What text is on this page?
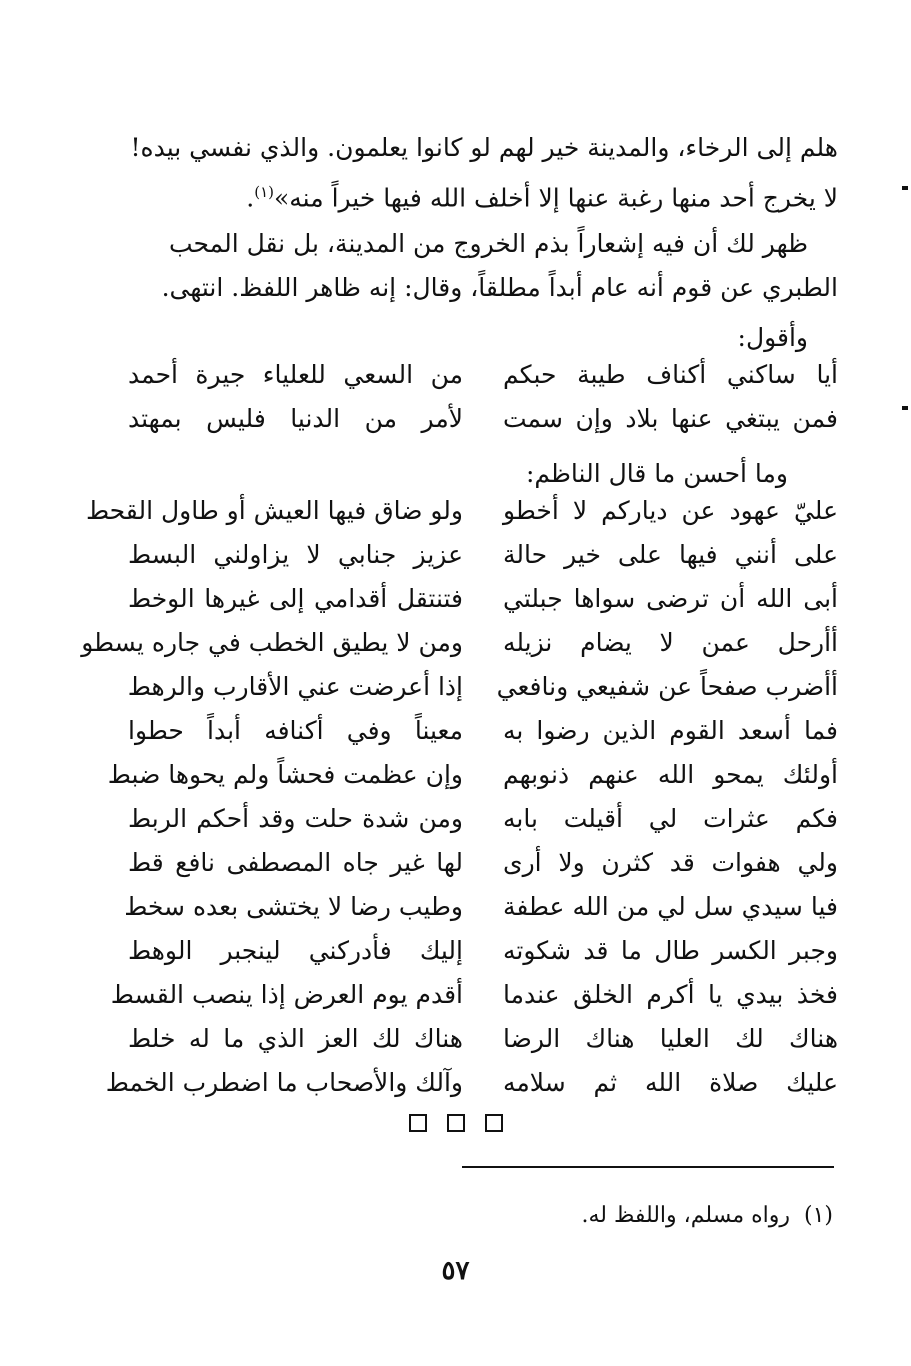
هلم إلى الرخاء، والمدينة خير لهم لو كانوا يعلمون. والذي نفسي بيده!
لا يخرج أحد منها رغبة عنها إلا أخلف الله فيها خيراً منه»$^{(١)}$.
ظهر لك أن فيه إشعاراً بذم الخروج من المدينة، بل نقل المحب
الطبري عن قوم أنه عام أبداً مطلقاً، وقال: إنه ظاهر اللفظ. انتهى.
وأقول:
أيا ساكني أكناف طيبة حبكم
من السعي للعلياء جيرة أحمد
فمن يبتغي عنها بلاد وإن سمت
لأمر من الدنيا فليس بمهتد
وما أحسن ما قال الناظم:
عليّ عهود عن دياركم لا أخطو
ولو ضاق فيها العيش أو طاول القحط
على أنني فيها على خير حالة
عزيز جنابي لا يزاولني البسط
أبى الله أن ترضى سواها جبلتي
فتنتقل أقدامي إلى غيرها الوخط
أأرحل عمن لا يضام نزيله
ومن لا يطيق الخطب في جاره يسطو
أأضرب صفحاً عن شفيعي ونافعي
إذا أعرضت عني الأقارب والرهط
فما أسعد القوم الذين رضوا به
معيناً وفي أكنافه أبداً حطوا
أولئك يمحو الله عنهم ذنوبهم
وإن عظمت فحشاً ولم يحوها ضبط
فكم عثرات لي أقيلت بابه
ومن شدة حلت وقد أحكم الربط
ولي هفوات قد كثرن ولا أرى
لها غير جاه المصطفى نافع قط
فيا سيدي سل لي من الله عطفة
وطيب رضا لا يختشى بعده سخط
وجبر الكسر طال ما قد شكوته
إليك فأدركني لينجبر الوهط
فخذ بيدي يا أكرم الخلق عندما
أقدم يوم العرض إذا ينصب القسط
هناك لك العليا هناك الرضا
هناك لك العز الذي ما له خلط
عليك صلاة الله ثم سلامه
وآلك والأصحاب ما اضطرب الخمط
(١)  رواه مسلم، واللفظ له.
٥٧
